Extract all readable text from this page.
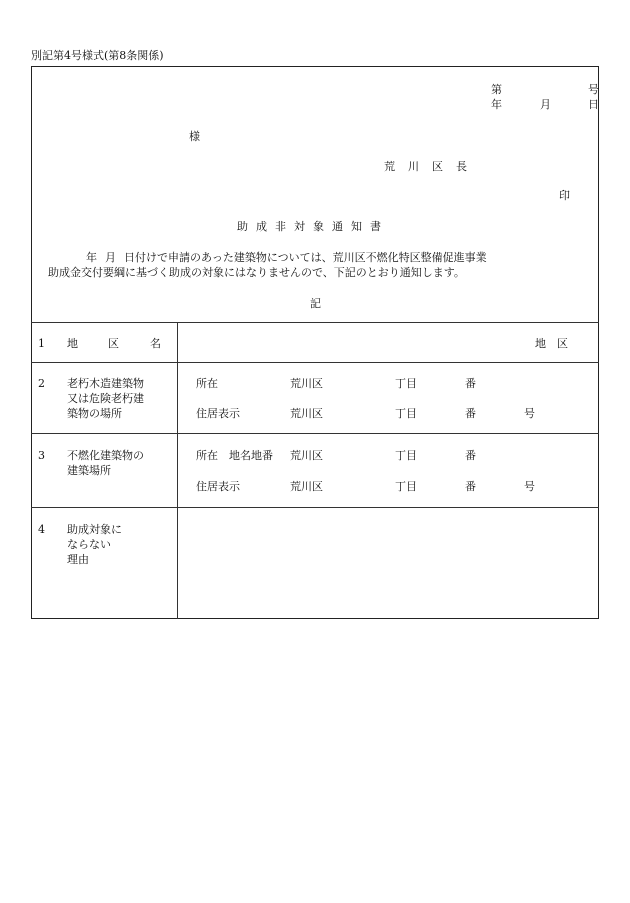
別記第4号様式(第8条関係)
第	号
年	月	日
様
荒 川 区 長
印
助 成 非 対 象 通 知 書
年 月 日付けで申請のあった建築物については、荒川区不燃化特区整備促進事業
助成金交付要綱に基づく助成の対象にはなりませんので、下記のとおり通知します。
記
1 地	区	名	地　区
2 老朽木造建築物
又は危険老朽建
築物の場所
所在	荒川区	丁目	番
住居表示	荒川区	丁目	番	号
3 不燃化建築物の
建築場所
所在　地名地番 荒川区	丁目	番
住居表示	荒川区	丁目	番	号
4 助成対象に
ならない
理由
